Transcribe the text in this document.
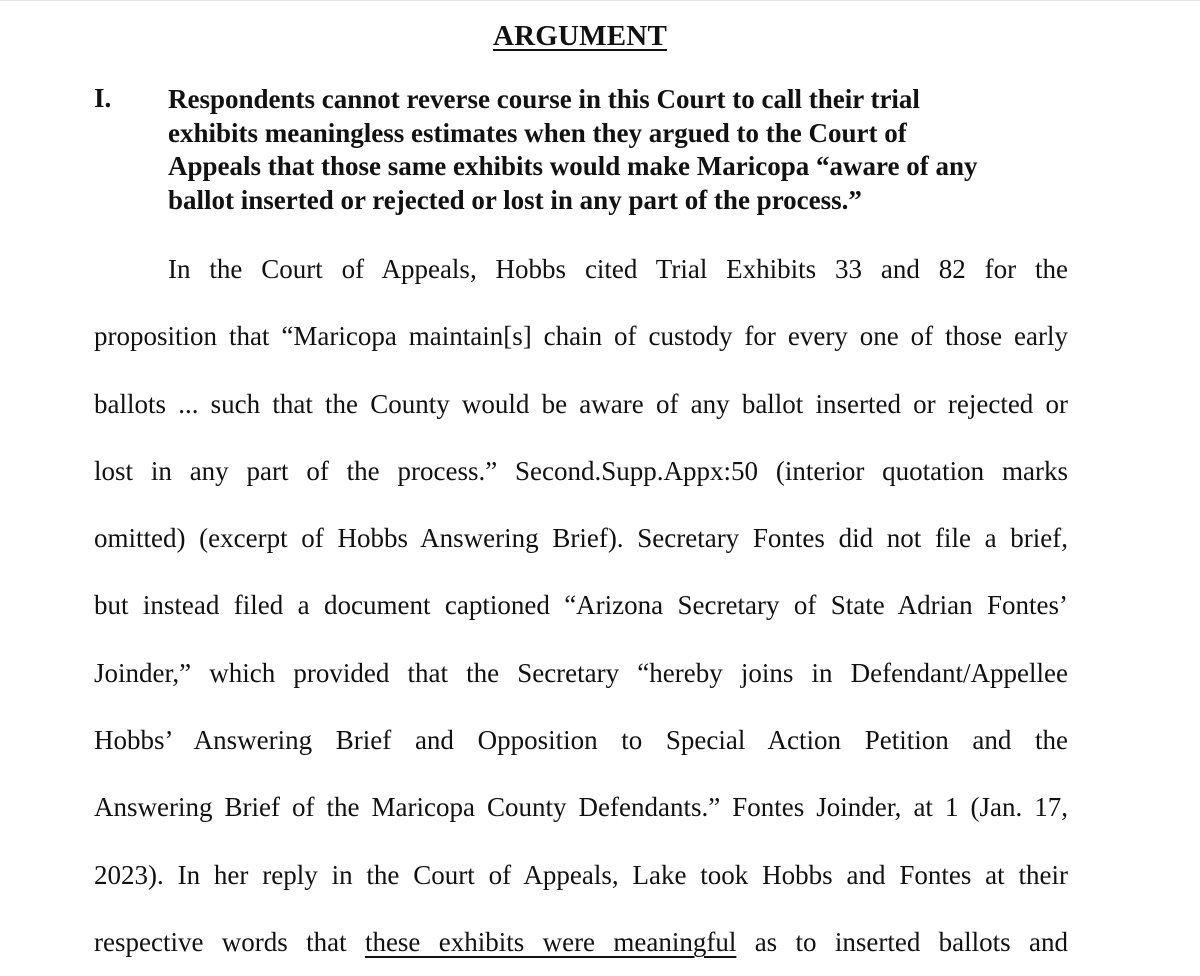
ARGUMENT
I. Respondents cannot reverse course in this Court to call their trial
exhibits meaningless estimates when they argued to the Court of
Appeals that those same exhibits would make Maricopa “aware of any
ballot inserted or rejected or lost in any part of the process.”
In the Court of Appeals, Hobbs cited Trial Exhibits 33 and 82 for the
proposition that “Maricopa maintain[s] chain of custody for every one of those early
ballots ... such that the County would be aware of any ballot inserted or rejected or
lost in any part of the process.” Second.Supp.Appx:50 (interior quotation marks
omitted) (excerpt of Hobbs Answering Brief). Secretary Fontes did not file a brief,
but instead filed a document captioned “Arizona Secretary of State Adrian Fontes’
Joinder,” which provided that the Secretary “hereby joins in Defendant/Appellee
Hobbs’ Answering Brief and Opposition to Special Action Petition and the
Answering Brief of the Maricopa County Defendants.” Fontes Joinder, at 1 (Jan. 17,
2023). In her reply in the Court of Appeals, Lake took Hobbs and Fontes at their
respective words that these exhibits were meaningful as to inserted ballots and
